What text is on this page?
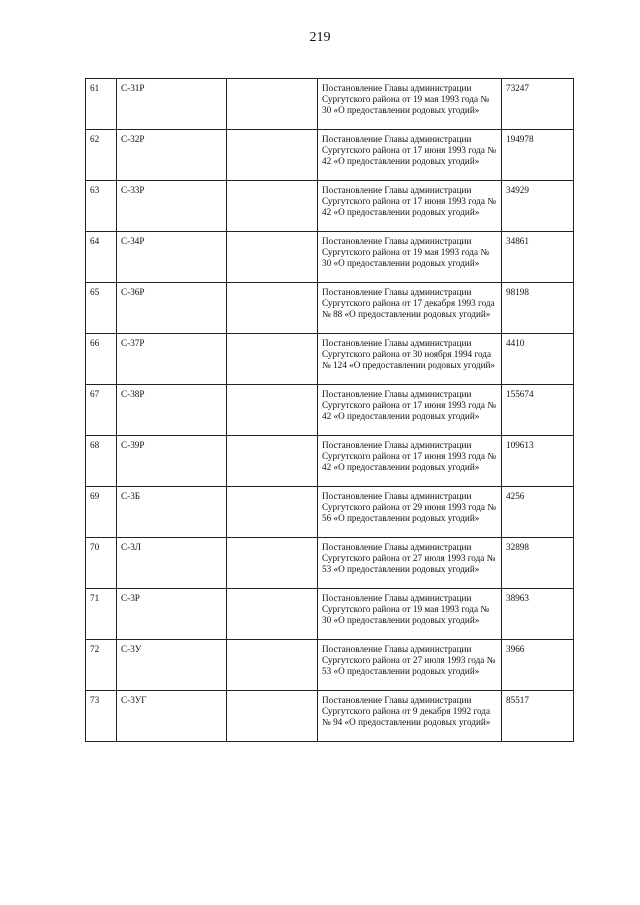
219
61	С-31Р		Постановление Главы администрации Сургутского района от 19 мая 1993 года № 30 «О предоставлении родовых угодий»	73247
62	С-32Р		Постановление Главы администрации Сургутского района от 17 июня 1993 года № 42 «О предоставлении родовых угодий»	194978
63	С-33Р		Постановление Главы администрации Сургутского района от 17 июня 1993 года № 42 «О предоставлении родовых угодий»	34929
64	С-34Р		Постановление Главы администрации Сургутского района от 19 мая 1993 года № 30 «О предоставлении родовых угодий»	34861
65	С-36Р		Постановление Главы администрации Сургутского района от 17 декабря 1993 года № 88 «О предоставлении родовых угодий»	98198
66	С-37Р		Постановление Главы администрации Сургутского района от 30 ноября 1994 года № 124 «О предоставлении родовых угодий»	4410
67	С-38Р		Постановление Главы администрации Сургутского района от 17 июня 1993 года № 42 «О предоставлении родовых угодий»	155674
68	С-39Р		Постановление Главы администрации Сургутского района от 17 июня 1993 года № 42 «О предоставлении родовых угодий»	109613
69	С-3Б		Постановление Главы администрации Сургутского района от 29 июня 1993 года № 56 «О предоставлении родовых угодий»	4256
70	С-3Л		Постановление Главы администрации Сургутского района от 27 июля 1993 года № 53 «О предоставлении родовых угодий»	32898
71	С-3Р		Постановление Главы администрации Сургутского района от 19 мая 1993 года № 30 «О предоставлении родовых угодий»	38963
72	С-3У		Постановление Главы администрации Сургутского района от 27 июля 1993 года № 53 «О предоставлении родовых угодий»	3966
73	С-3УГ		Постановление Главы администрации Сургутского района от 9 декабря 1992 года № 94 «О предоставлении родовых угодий»	85517
